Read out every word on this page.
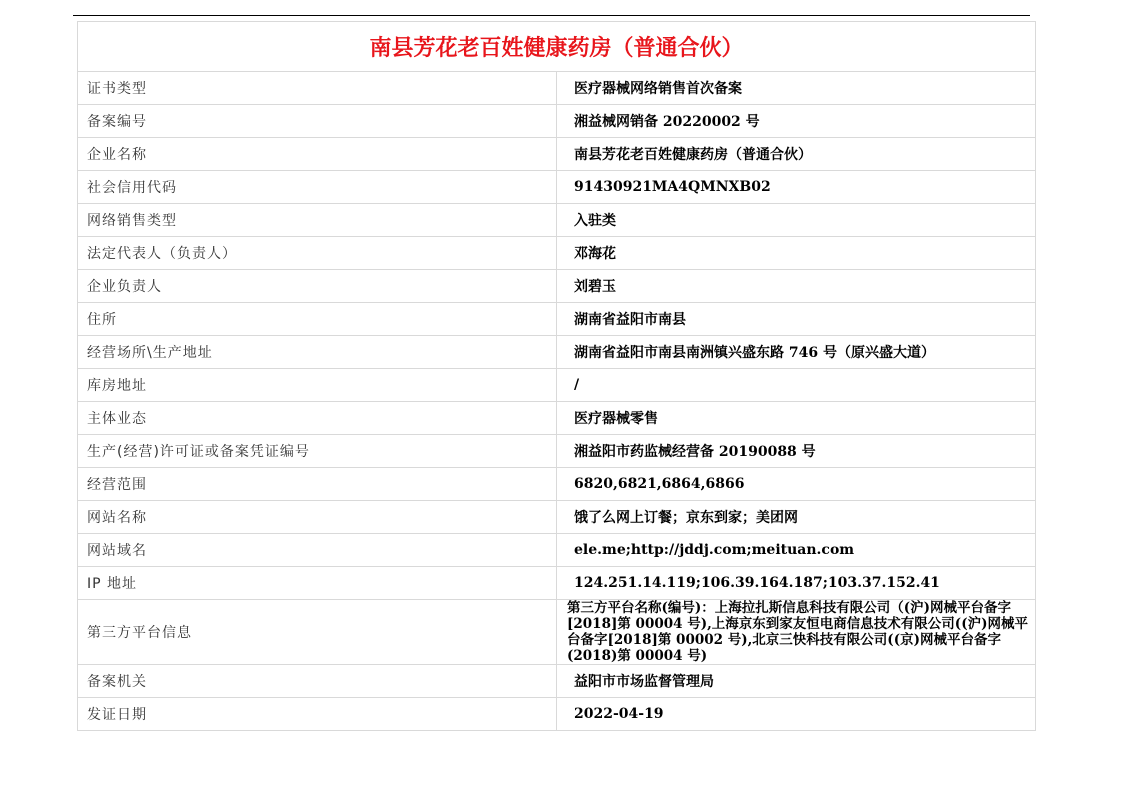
南县芳花老百姓健康药房（普通合伙）	
证书类型	医疗器械网络销售首次备案
备案编号	湘益械网销备 20220002 号
企业名称	南县芳花老百姓健康药房（普通合伙）
社会信用代码	91430921MA4QMNXB02
网络销售类型	入驻类
法定代表人（负责人）	邓海花
企业负责人	刘碧玉
住所	湖南省益阳市南县
经营场所\生产地址	湖南省益阳市南县南洲镇兴盛东路 746 号（原兴盛大道）
库房地址	/
主体业态	医疗器械零售
生产(经营)许可证或备案凭证编号	湘益阳市药监械经营备 20190088 号
经营范围	6820,6821,6864,6866
网站名称	饿了么网上订餐；京东到家；美团网
网站域名	ele.me;http://jddj.com;meituan.com
IP 地址	124.251.14.119;106.39.164.187;103.37.152.41
第三方平台信息	第三方平台名称(编号)：上海拉扎斯信息科技有限公司（(沪)网械平台备字[2018]第 00004 号),上海京东到家友恒电商信息技术有限公司((沪)网械平台备字[2018]第 00002 号),北京三快科技有限公司((京)网械平台备字(2018)第 00004 号)
备案机关	益阳市市场监督管理局
发证日期	2022-04-19
